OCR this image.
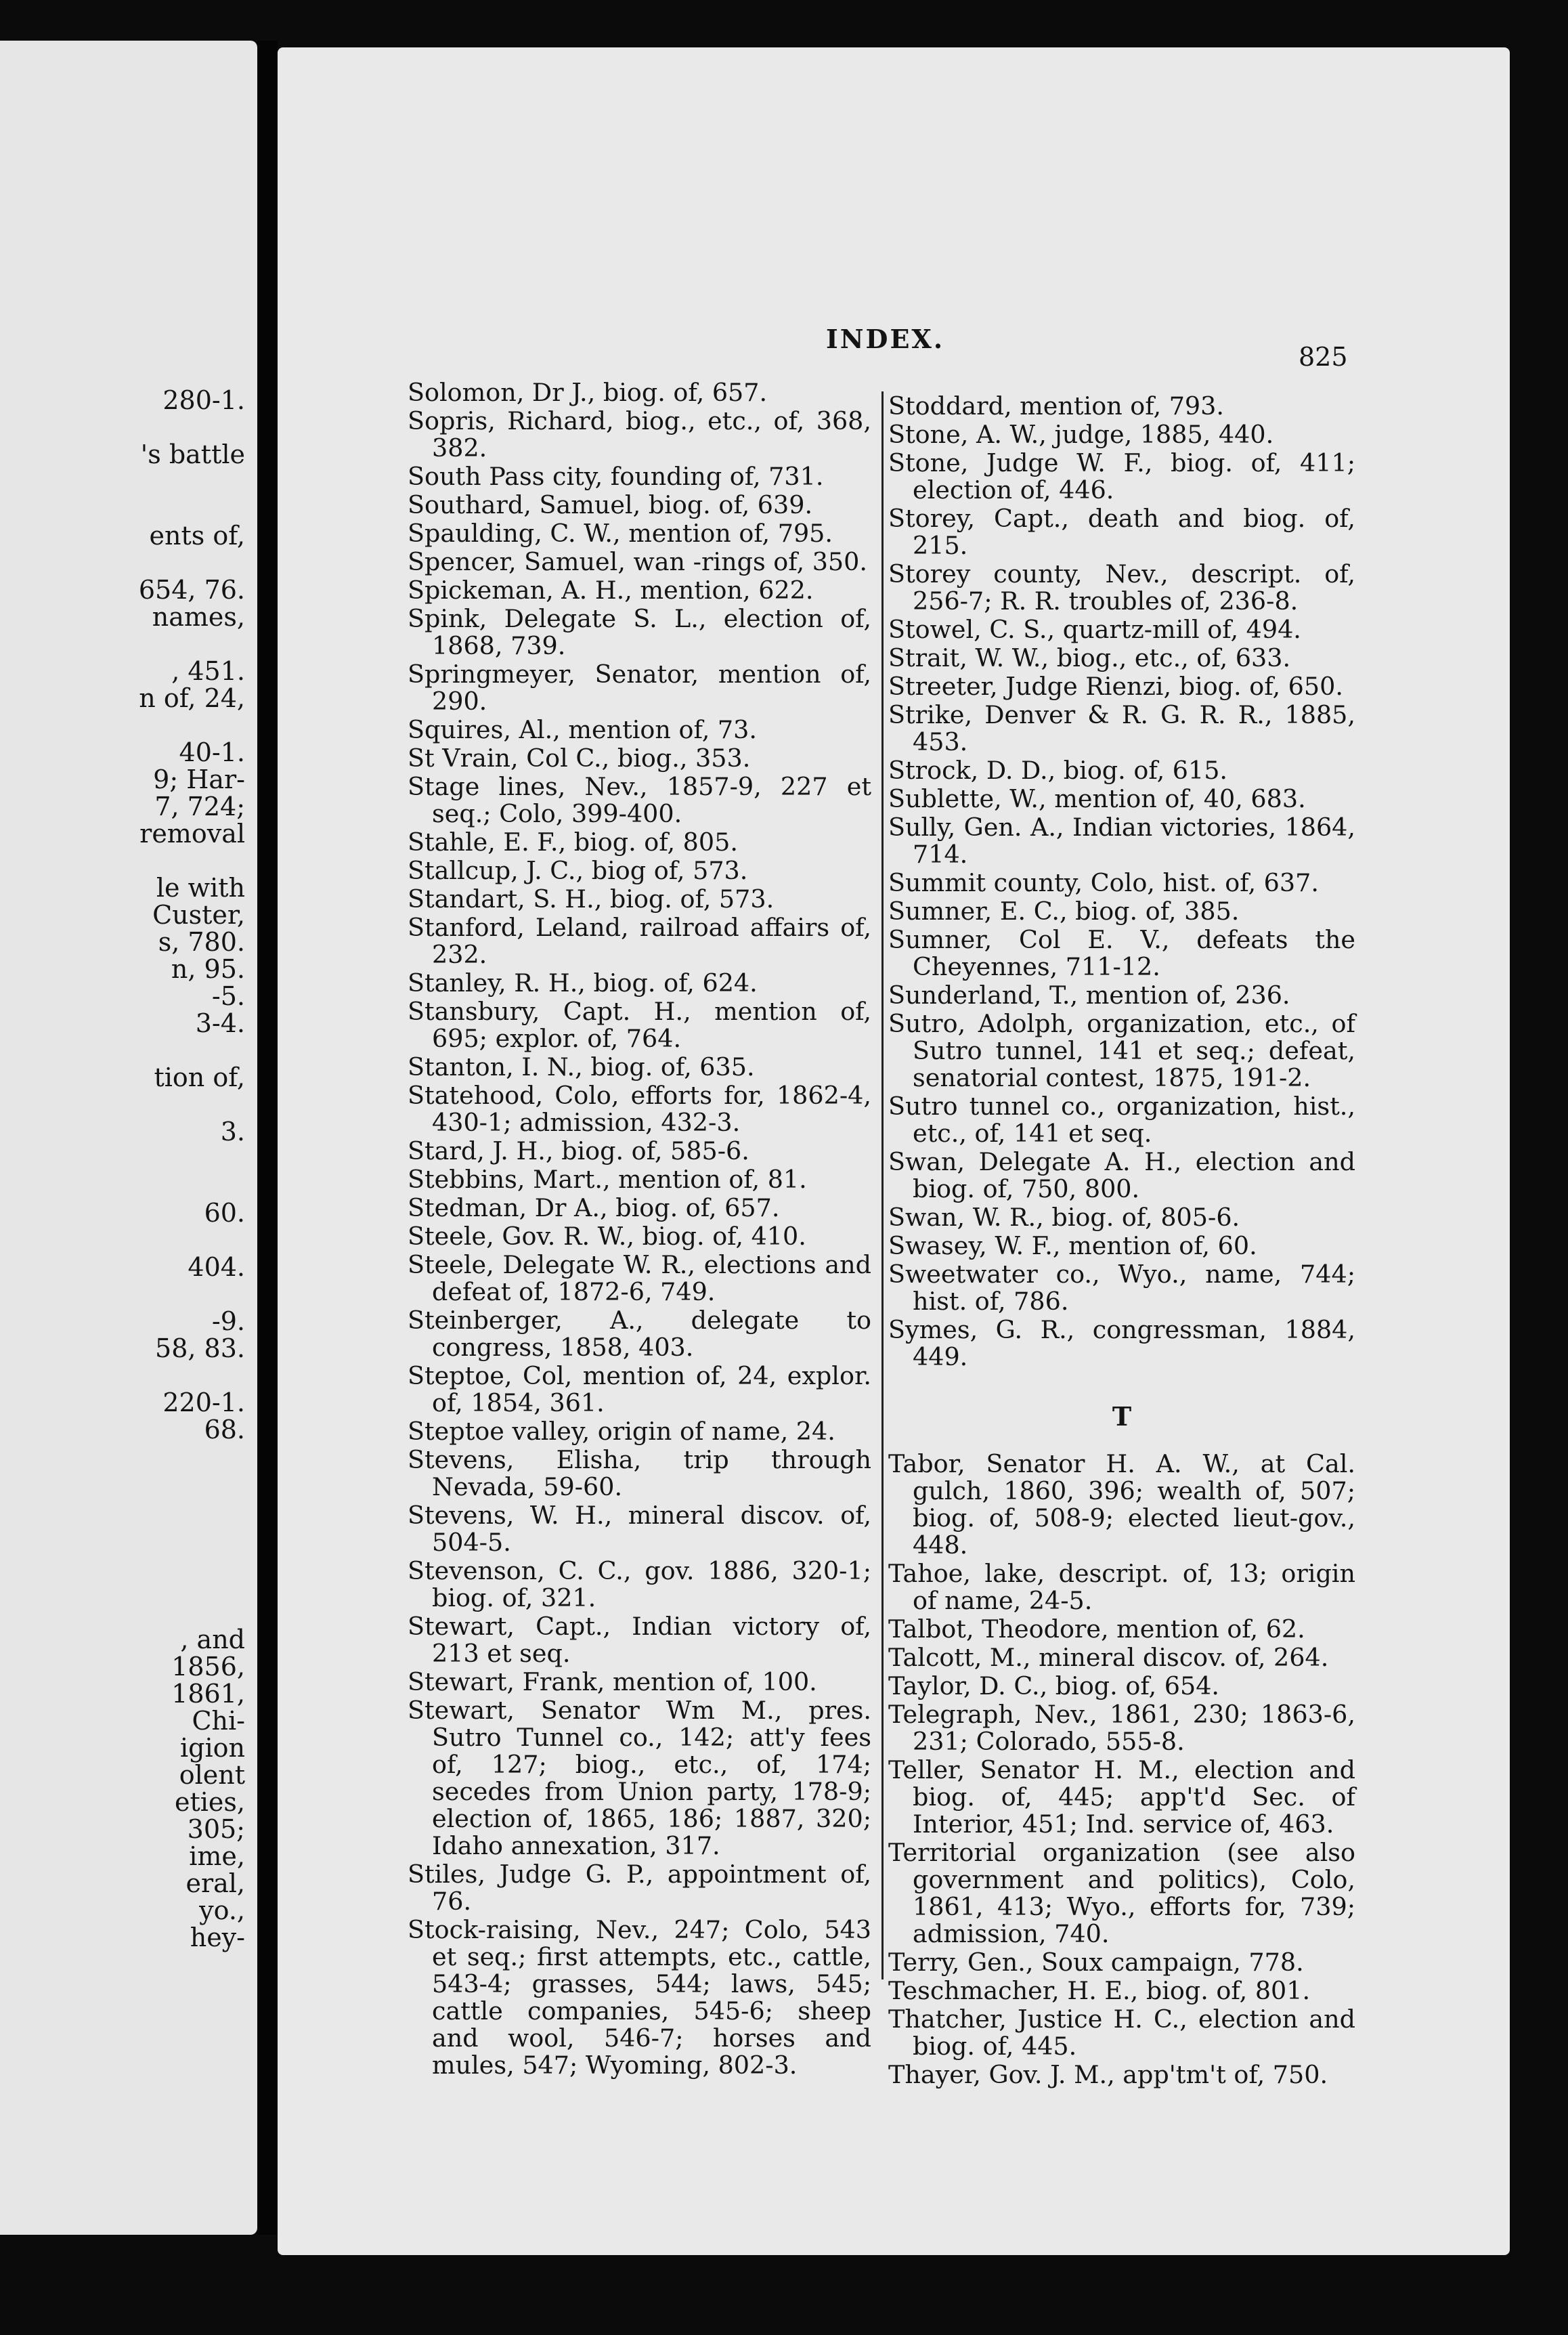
280-1.
's battle
ents of,
654, 76.
names,
, 451.
n of, 24,
40-1.
9; Har-
7, 724;
removal
le with
Custer,
s, 780.
n, 95.
-5.
3-4.
tion of,
3.
60.
404.
-9.
58, 83.
220-1.
68.
, and
1856,
1861,
Chi-
igion
olent
eties,
305;
ime,
eral,
yo.,
hey-
INDEX.
825
Solomon, Dr J., biog. of, 657.
Sopris, Richard, biog., etc., of, 368, 382.
South Pass city, founding of, 731.
Southard, Samuel, biog. of, 639.
Spaulding, C. W., mention of, 795.
Spencer, Samuel, wan -rings of, 350.
Spickeman, A. H., mention, 622.
Spink, Delegate S. L., election of, 1868, 739.
Springmeyer, Senator, mention of, 290.
Squires, Al., mention of, 73.
St Vrain, Col C., biog., 353.
Stage lines, Nev., 1857-9, 227 et seq.; Colo, 399-400.
Stahle, E. F., biog. of, 805.
Stallcup, J. C., biog of, 573.
Standart, S. H., biog. of, 573.
Stanford, Leland, railroad affairs of, 232.
Stanley, R. H., biog. of, 624.
Stansbury, Capt. H., mention of, 695; explor. of, 764.
Stanton, I. N., biog. of, 635.
Statehood, Colo, efforts for, 1862-4, 430-1; admission, 432-3.
Stard, J. H., biog. of, 585-6.
Stebbins, Mart., mention of, 81.
Stedman, Dr A., biog. of, 657.
Steele, Gov. R. W., biog. of, 410.
Steele, Delegate W. R., elections and defeat of, 1872-6, 749.
Steinberger, A., delegate to congress, 1858, 403.
Steptoe, Col, mention of, 24, explor. of, 1854, 361.
Steptoe valley, origin of name, 24.
Stevens, Elisha, trip through Nevada, 59-60.
Stevens, W. H., mineral discov. of, 504-5.
Stevenson, C. C., gov. 1886, 320-1; biog. of, 321.
Stewart, Capt., Indian victory of, 213 et seq.
Stewart, Frank, mention of, 100.
Stewart, Senator Wm M., pres. Sutro Tunnel co., 142; att'y fees of, 127; biog., etc., of, 174; secedes from Union party, 178-9; election of, 1865, 186; 1887, 320; Idaho annexation, 317.
Stiles, Judge G. P., appointment of, 76.
Stock-raising, Nev., 247; Colo, 543 et seq.; first attempts, etc., cattle, 543-4; grasses, 544; laws, 545; cattle companies, 545-6; sheep and wool, 546-7; horses and mules, 547; Wyoming, 802-3.
Stoddard, mention of, 793.
Stone, A. W., judge, 1885, 440.
Stone, Judge W. F., biog. of, 411; election of, 446.
Storey, Capt., death and biog. of, 215.
Storey county, Nev., descript. of, 256-7; R. R. troubles of, 236-8.
Stowel, C. S., quartz-mill of, 494.
Strait, W. W., biog., etc., of, 633.
Streeter, Judge Rienzi, biog. of, 650.
Strike, Denver & R. G. R. R., 1885, 453.
Strock, D. D., biog. of, 615.
Sublette, W., mention of, 40, 683.
Sully, Gen. A., Indian victories, 1864, 714.
Summit county, Colo, hist. of, 637.
Sumner, E. C., biog. of, 385.
Sumner, Col E. V., defeats the Cheyennes, 711-12.
Sunderland, T., mention of, 236.
Sutro, Adolph, organization, etc., of Sutro tunnel, 141 et seq.; defeat, senatorial contest, 1875, 191-2.
Sutro tunnel co., organization, hist., etc., of, 141 et seq.
Swan, Delegate A. H., election and biog. of, 750, 800.
Swan, W. R., biog. of, 805-6.
Swasey, W. F., mention of, 60.
Sweetwater co., Wyo., name, 744; hist. of, 786.
Symes, G. R., congressman, 1884, 449.
T
Tabor, Senator H. A. W., at Cal. gulch, 1860, 396; wealth of, 507; biog. of, 508-9; elected lieut-gov., 448.
Tahoe, lake, descript. of, 13; origin of name, 24-5.
Talbot, Theodore, mention of, 62.
Talcott, M., mineral discov. of, 264.
Taylor, D. C., biog. of, 654.
Telegraph, Nev., 1861, 230; 1863-6, 231; Colorado, 555-8.
Teller, Senator H. M., election and biog. of, 445; app't'd Sec. of Interior, 451; Ind. service of, 463.
Territorial organization (see also government and politics), Colo, 1861, 413; Wyo., efforts for, 739; admission, 740.
Terry, Gen., Soux campaign, 778.
Teschmacher, H. E., biog. of, 801.
Thatcher, Justice H. C., election and biog. of, 445.
Thayer, Gov. J. M., app'tm't of, 750.
